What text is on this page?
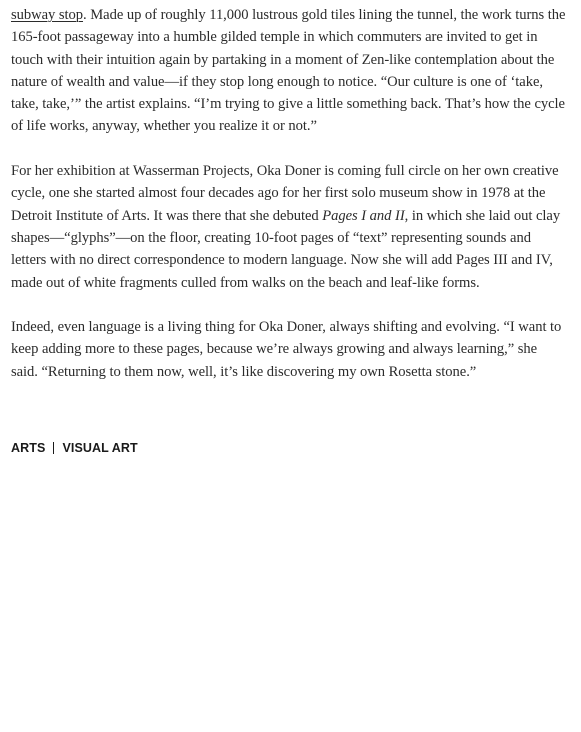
subway stop. Made up of roughly 11,000 lustrous gold tiles lining the tunnel, the work turns the 165-foot passageway into a humble gilded temple in which commuters are invited to get in touch with their intuition again by partaking in a moment of Zen-like contemplation about the nature of wealth and value—if they stop long enough to notice. “Our culture is one of ‘take, take, take,’” the artist explains. “I’m trying to give a little something back. That’s how the cycle of life works, anyway, whether you realize it or not.”

For her exhibition at Wasserman Projects, Oka Doner is coming full circle on her own creative cycle, one she started almost four decades ago for her first solo museum show in 1978 at the Detroit Institute of Arts. It was there that she debuted Pages I and II, in which she laid out clay shapes—“glyphs”—on the floor, creating 10-foot pages of “text” representing sounds and letters with no direct correspondence to modern language. Now she will add Pages III and IV, made out of white fragments culled from walks on the beach and leaf-like forms.

Indeed, even language is a living thing for Oka Doner, always shifting and evolving. “I want to keep adding more to these pages, because we’re always growing and always learning,” she said. “Returning to them now, well, it’s like discovering my own Rosetta stone.”

ARTS VISUAL ART
